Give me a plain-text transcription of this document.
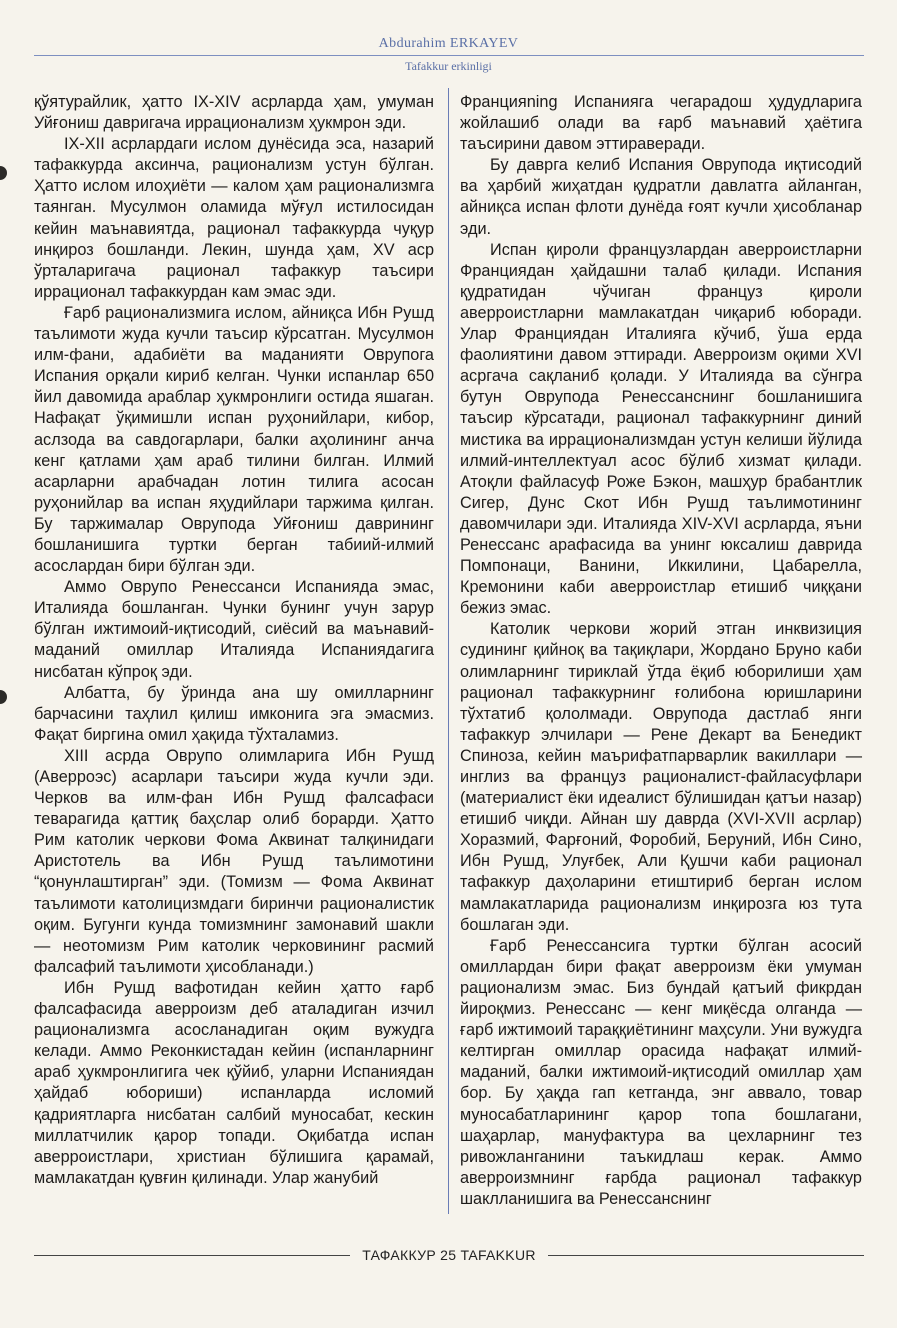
Abdurahim ERKAYEV
Tafakkur erkinligi

қўятурайлик, ҳатто IX-XIV асрларда ҳам, умуман Уйғониш давригача иррационализм ҳукмрон эди.

IX-XII асрлардаги ислом дунёсида эса, назарий тафаккурда аксинча, рационализм устун бўлган. Ҳатто ислом илоҳиёти — калом ҳам рационализмга таянган. Мусулмон оламида мўғул истилосидан кейин маънавиятда, рационал тафаккурда чуқур инқироз бошланди. Лекин, шунда ҳам, XV аср ўрталаригача рационал тафаккур таъсири иррационал тафаккурдан кам эмас эди.

Ғарб рационализмига ислом, айниқса Ибн Рушд таълимоти жуда кучли таъсир кўрсатган. Мусулмон илм-фани, адабиёти ва маданияти Оврупога Испания орқали кириб келган. Чунки испанлар 650 йил давомида араблар ҳукмронлиги остида яшаган. Нафақат ўқимишли испан руҳонийлари, кибор, аслзода ва савдогарлари, балки аҳолининг анча кенг қатлами ҳам араб тилини билган. Илмий асарларни арабчадан лотин тилига асосан руҳонийлар ва испан яҳудийлари таржима қилган. Бу таржималар Оврупода Уйғониш даврининг бошланишига туртки берган табиий-илмий асослардан бири бўлган эди.

Аммо Оврупо Ренессанси Испанияда эмас, Италияда бошланган. Чунки бунинг учун зарур бўлган ижтимоий-иқтисодий, сиёсий ва маънавий-маданий омиллар Италияда Испаниядагига нисбатан кўпроқ эди.

Албатта, бу ўринда ана шу омилларнинг барчасини таҳлил қилиш имконига эга эмасмиз. Фақат биргина омил ҳақида тўхталамиз.

XIII асрда Оврупо олимларига Ибн Рушд (Аверроэс) асарлари таъсири жуда кучли эди. Черков ва илм-фан Ибн Рушд фалсафаси теварагида қаттиқ баҳслар олиб борарди. Ҳатто Рим католик черкови Фома Аквинат талқинидаги Аристотель ва Ибн Рушд таълимотини “қонунлаштирган” эди. (Томизм — Фома Аквинат таълимоти католицизмдаги биринчи рационалистик оқим. Бугунги кунда томизмнинг замонавий шакли — неотомизм Рим католик черковининг расмий фалсафий таълимоти ҳисобланади.)

Ибн Рушд вафотидан кейин ҳатто ғарб фалсафасида аверроизм деб аталадиган изчил рационализмга асосланадиган оқим вужудга келади. Аммо Реконкистадан кейин (испанларнинг араб ҳукмронлигига чек қўйиб, уларни Испаниядан ҳайдаб юбориши) испанларда исломий қадриятларга нисбатан салбий муносабат, кескин миллатчилик қарор топади. Оқибатда испан аверроистлари, христиан бўлишига қарамай, мамлакатдан қувғин қилинади. Улар жанубий

Францияning Испанияга чегарадош ҳудудларига жойлашиб олади ва ғарб маънавий ҳаётига таъсирини давом эттираверади.

Бу даврга келиб Испания Оврупода иқтисодий ва ҳарбий жиҳатдан қудратли давлатга айланган, айниқса испан флоти дунёда ғоят кучли ҳисобланар эди.

Испан қироли французлардан аверроистларни Франциядан ҳайдашни талаб қилади. Испания қудратидан чўчиган француз қироли аверроистларни мамлакатдан чиқариб юборади. Улар Франциядан Италияга кўчиб, ўша ерда фаолиятини давом эттиради. Аверроизм оқими XVI асргача сақланиб қолади. У Италияда ва сўнгра бутун Оврупода Ренессанснинг бошланишига таъсир кўрсатади, рационал тафаккурнинг диний мистика ва иррационализмдан устун келиши йўлида илмий-интеллектуал асос бўлиб хизмат қилади. Атоқли файласуф Роже Бэкон, машҳур брабантлик Сигер, Дунс Скот Ибн Рушд таълимотининг давомчилари эди. Италияда XIV-XVI асрларда, яъни Ренессанс арафасида ва унинг юксалиш даврида Помпонаци, Ванини, Иккилини, Цабарелла, Кремонини каби аверроистлар етишиб чиққани бежиз эмас.

Католик черкови жорий этган инквизиция судининг қийноқ ва тақиқлари, Жордано Бруно каби олимларнинг тириклай ўтда ёқиб юборилиши ҳам рационал тафаккурнинг ғолибона юришларини тўхтатиб қололмади. Оврупода дастлаб янги тафаккур элчилари — Рене Декарт ва Бенедикт Спиноза, кейин маърифатпарварлик вакиллари — инглиз ва француз рационалист-файласуфлари (материалист ёки идеалист бўлишидан қатъи назар) етишиб чиқди. Айнан шу даврда (XVI-XVII асрлар) Хоразмий, Фарғоний, Форобий, Беруний, Ибн Сино, Ибн Рушд, Улуғбек, Али Қушчи каби рационал тафаккур даҳоларини етиштириб берган ислом мамлакатларида рационализм инқирозга юз тута бошлаган эди.

Ғарб Ренессансига туртки бўлган асосий омиллардан бири фақат аверроизм ёки умуман рационализм эмас. Биз бундай қатъий фикрдан йироқмиз. Ренессанс — кенг миқёсда олганда — ғарб ижтимоий тараққиётининг маҳсули. Уни вужудга келтирган омиллар орасида нафақат илмий-маданий, балки ижтимоий-иқтисодий омиллар ҳам бор. Бу ҳақда гап кетганда, энг аввало, товар муносабатларининг қарор топа бошлагани, шаҳарлар, мануфактура ва цехларнинг тез ривожланганини таъкидлаш керак. Аммо аверроизмнинг ғарбда рационал тафаккур шаклланишига ва Ренессанснинг

ТАФАККУР 25 TAFAKKUR
